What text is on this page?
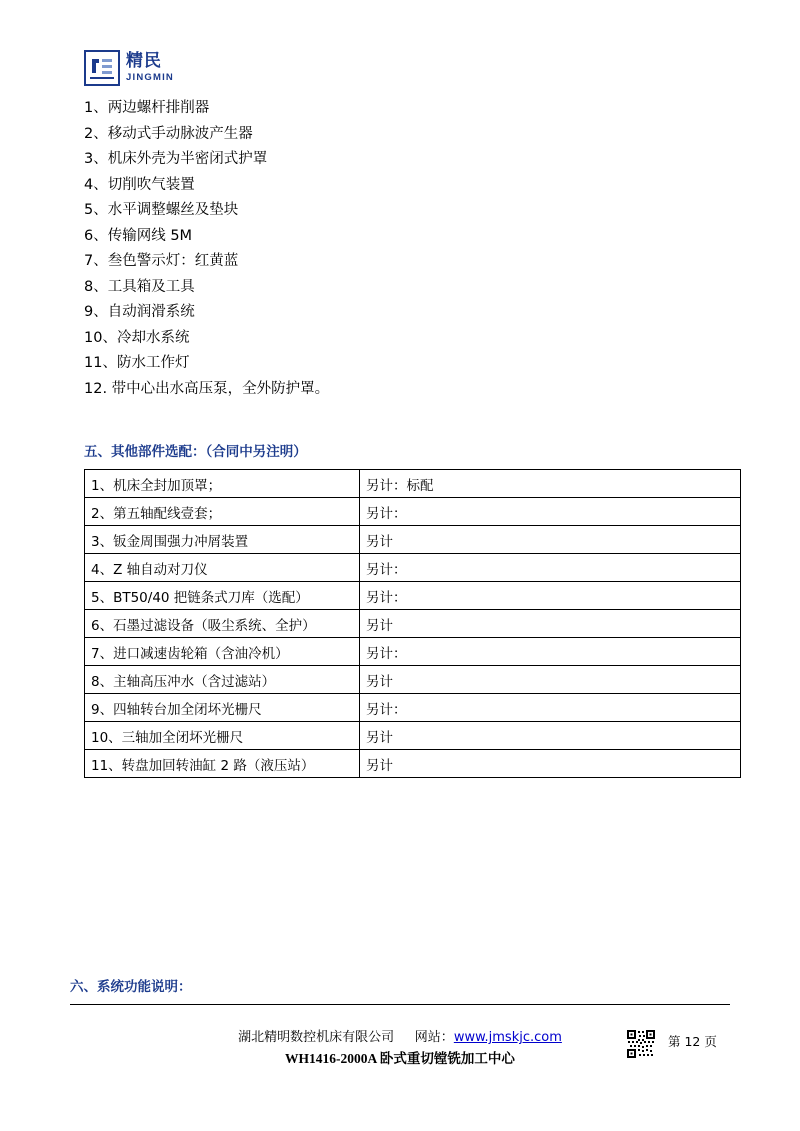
精民
JINGMIN
1、两边螺杆排削器
2、移动式手动脉波产生器
3、机床外壳为半密闭式护罩
4、切削吹气装置
5、水平调整螺丝及垫块
6、传输网线 5M
7、叁色警示灯：红黄蓝
8、工具箱及工具
9、自动润滑系统
10、冷却水系统
11、防水工作灯
12. 带中心出水高压泵，全外防护罩。
五、其他部件选配：（合同中另注明）
1、机床全封加顶罩；	另计：标配
2、第五轴配线壹套；	另计：
3、钣金周围强力冲屑装置	另计
4、Z 轴自动对刀仪	另计：
5、BT50/40 把链条式刀库（选配）	另计：
6、石墨过滤设备（吸尘系统、全护）	另计
7、进口减速齿轮箱（含油冷机）	另计：
8、主轴高压冲水（含过滤站）	另计
9、四轴转台加全闭坏光栅尺	另计：
10、三轴加全闭坏光栅尺	另计
11、转盘加回转油缸 2 路（液压站）	另计
六、系统功能说明：
湖北精明数控机床有限公司 网站：www.jmskjc.com
WH1416-2000A 卧式重切镗铣加工中心
第 12 页
